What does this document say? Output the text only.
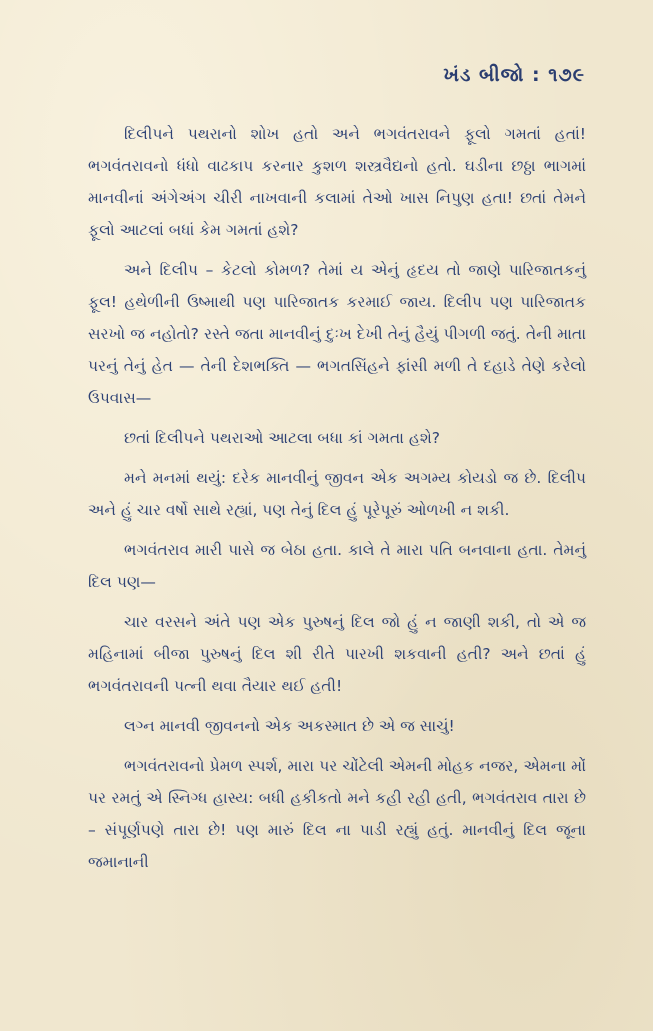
ખંડ બીજો : ૧૭૯

દિલીપને પથરાનો શોખ હતો અને ભગવંતરાવને ફૂલો ગમતાં હતાં! ભગવંતરાવનો ધંધો વાઢકાપ કરનાર કુશળ શસ્ત્રવૈદ્યનો હતો. ઘડીના છઠ્ઠા ભાગમાં માનવીનાં અંગેઅંગ ચીરી નાખવાની કલામાં તેઓ ખાસ નિપુણ હતા! છતાં તેમને ફૂલો આટલાં બધાં કેમ ગમતાં હશે?

અને દિલીપ – કેટલો કોમળ? તેમાં ય એનું હૃદય તો જાણે પારિજાતકનું ફૂલ! હથેળીની ઉષ્માથી પણ પારિજાતક કરમાઈ જાય. દિલીપ પણ પારિજાતક સરખો જ નહોતો? રસ્તે જતા માનવીનું દુઃખ દેખી તેનું હૈયું પીગળી જતું. તેની માતા પરનું તેનું હેત — તેની દેશભક્તિ — ભગતસિંહને ફાંસી મળી તે દહાડે તેણે કરેલો ઉપવાસ—

છતાં દિલીપને પથરાઓ આટલા બધા કાં ગમતા હશે?

મને મનમાં થયું: દરેક માનવીનું જીવન એક અગમ્ય કોયડો જ છે. દિલીપ અને હું ચાર વર્ષો સાથે રહ્યાં, પણ તેનું દિલ હું પૂરેપૂરું ઓળખી ન શકી.

ભગવંતરાવ મારી પાસે જ બેઠા હતા. કાલે તે મારા પતિ બનવાના હતા. તેમનું દિલ પણ—

ચાર વરસને અંતે પણ એક પુરુષનું દિલ જો હું ન જાણી શકી, તો એ જ મહિનામાં બીજા પુરુષનું દિલ શી રીતે પારખી શકવાની હતી? અને છતાં હું ભગવંતરાવની પત્ની થવા તૈયાર થઈ હતી!

લગ્ન માનવી જીવનનો એક અકસ્માત છે એ જ સાચું!

ભગવંતરાવનો પ્રેમળ સ્પર્શ, મારા પર ચોંટેલી એમની મોહક નજર, એમના મોં પર રમતું એ સ્નિગ્ધ હાસ્ય: બધી હકીકતો મને કહી રહી હતી, ભગવંતરાવ તારા છે – સંપૂર્ણપણે તારા છે! પણ મારું દિલ ના પાડી રહ્યું હતું. માનવીનું દિલ જૂના જમાનાની
